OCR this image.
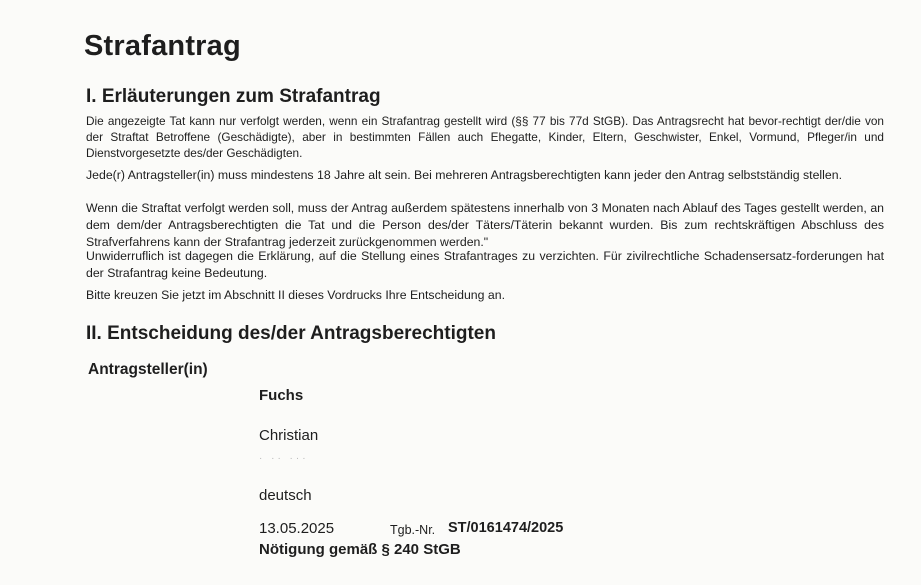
Strafantrag
I. Erläuterungen zum Strafantrag

Die angezeigte Tat kann nur verfolgt werden, wenn ein Strafantrag gestellt wird (§§ 77 bis 77d StGB). Das Antragsrecht hat bevor-rechtigt der/die von der Straftat Betroffene (Geschädigte), aber in bestimmten Fällen auch Ehegatte, Kinder, Eltern, Geschwister, Enkel, Vormund, Pfleger/in und Dienstvorgesetzte des/der Geschädigten.

Jede(r) Antragsteller(in) muss mindestens 18 Jahre alt sein. Bei mehreren Antragsberechtigten kann jeder den Antrag selbstständig stellen.

Wenn die Straftat verfolgt werden soll, muss der Antrag außerdem spätestens innerhalb von 3 Monaten nach Ablauf des Tages gestellt werden, an dem dem/der Antragsberechtigten die Tat und die Person des/der Täters/Täterin bekannt wurden. Bis zum rechtskräftigen Abschluss des Strafverfahrens kann der Strafantrag jederzeit zurückgenommen werden."

Unwiderruflich ist dagegen die Erklärung, auf die Stellung eines Strafantrages zu verzichten. Für zivilrechtliche Schadensersatz-forderungen hat der Strafantrag keine Bedeutung.

Bitte kreuzen Sie jetzt im Abschnitt II dieses Vordrucks Ihre Entscheidung an.

II. Entscheidung des/der Antragsberechtigten
Antragsteller(in)
Fuchs
Christian
· ·· ···
deutsch
13.05.2025	Tgb.-Nr. ST/0161474/2025
Nötigung gemäß § 240 StGB
